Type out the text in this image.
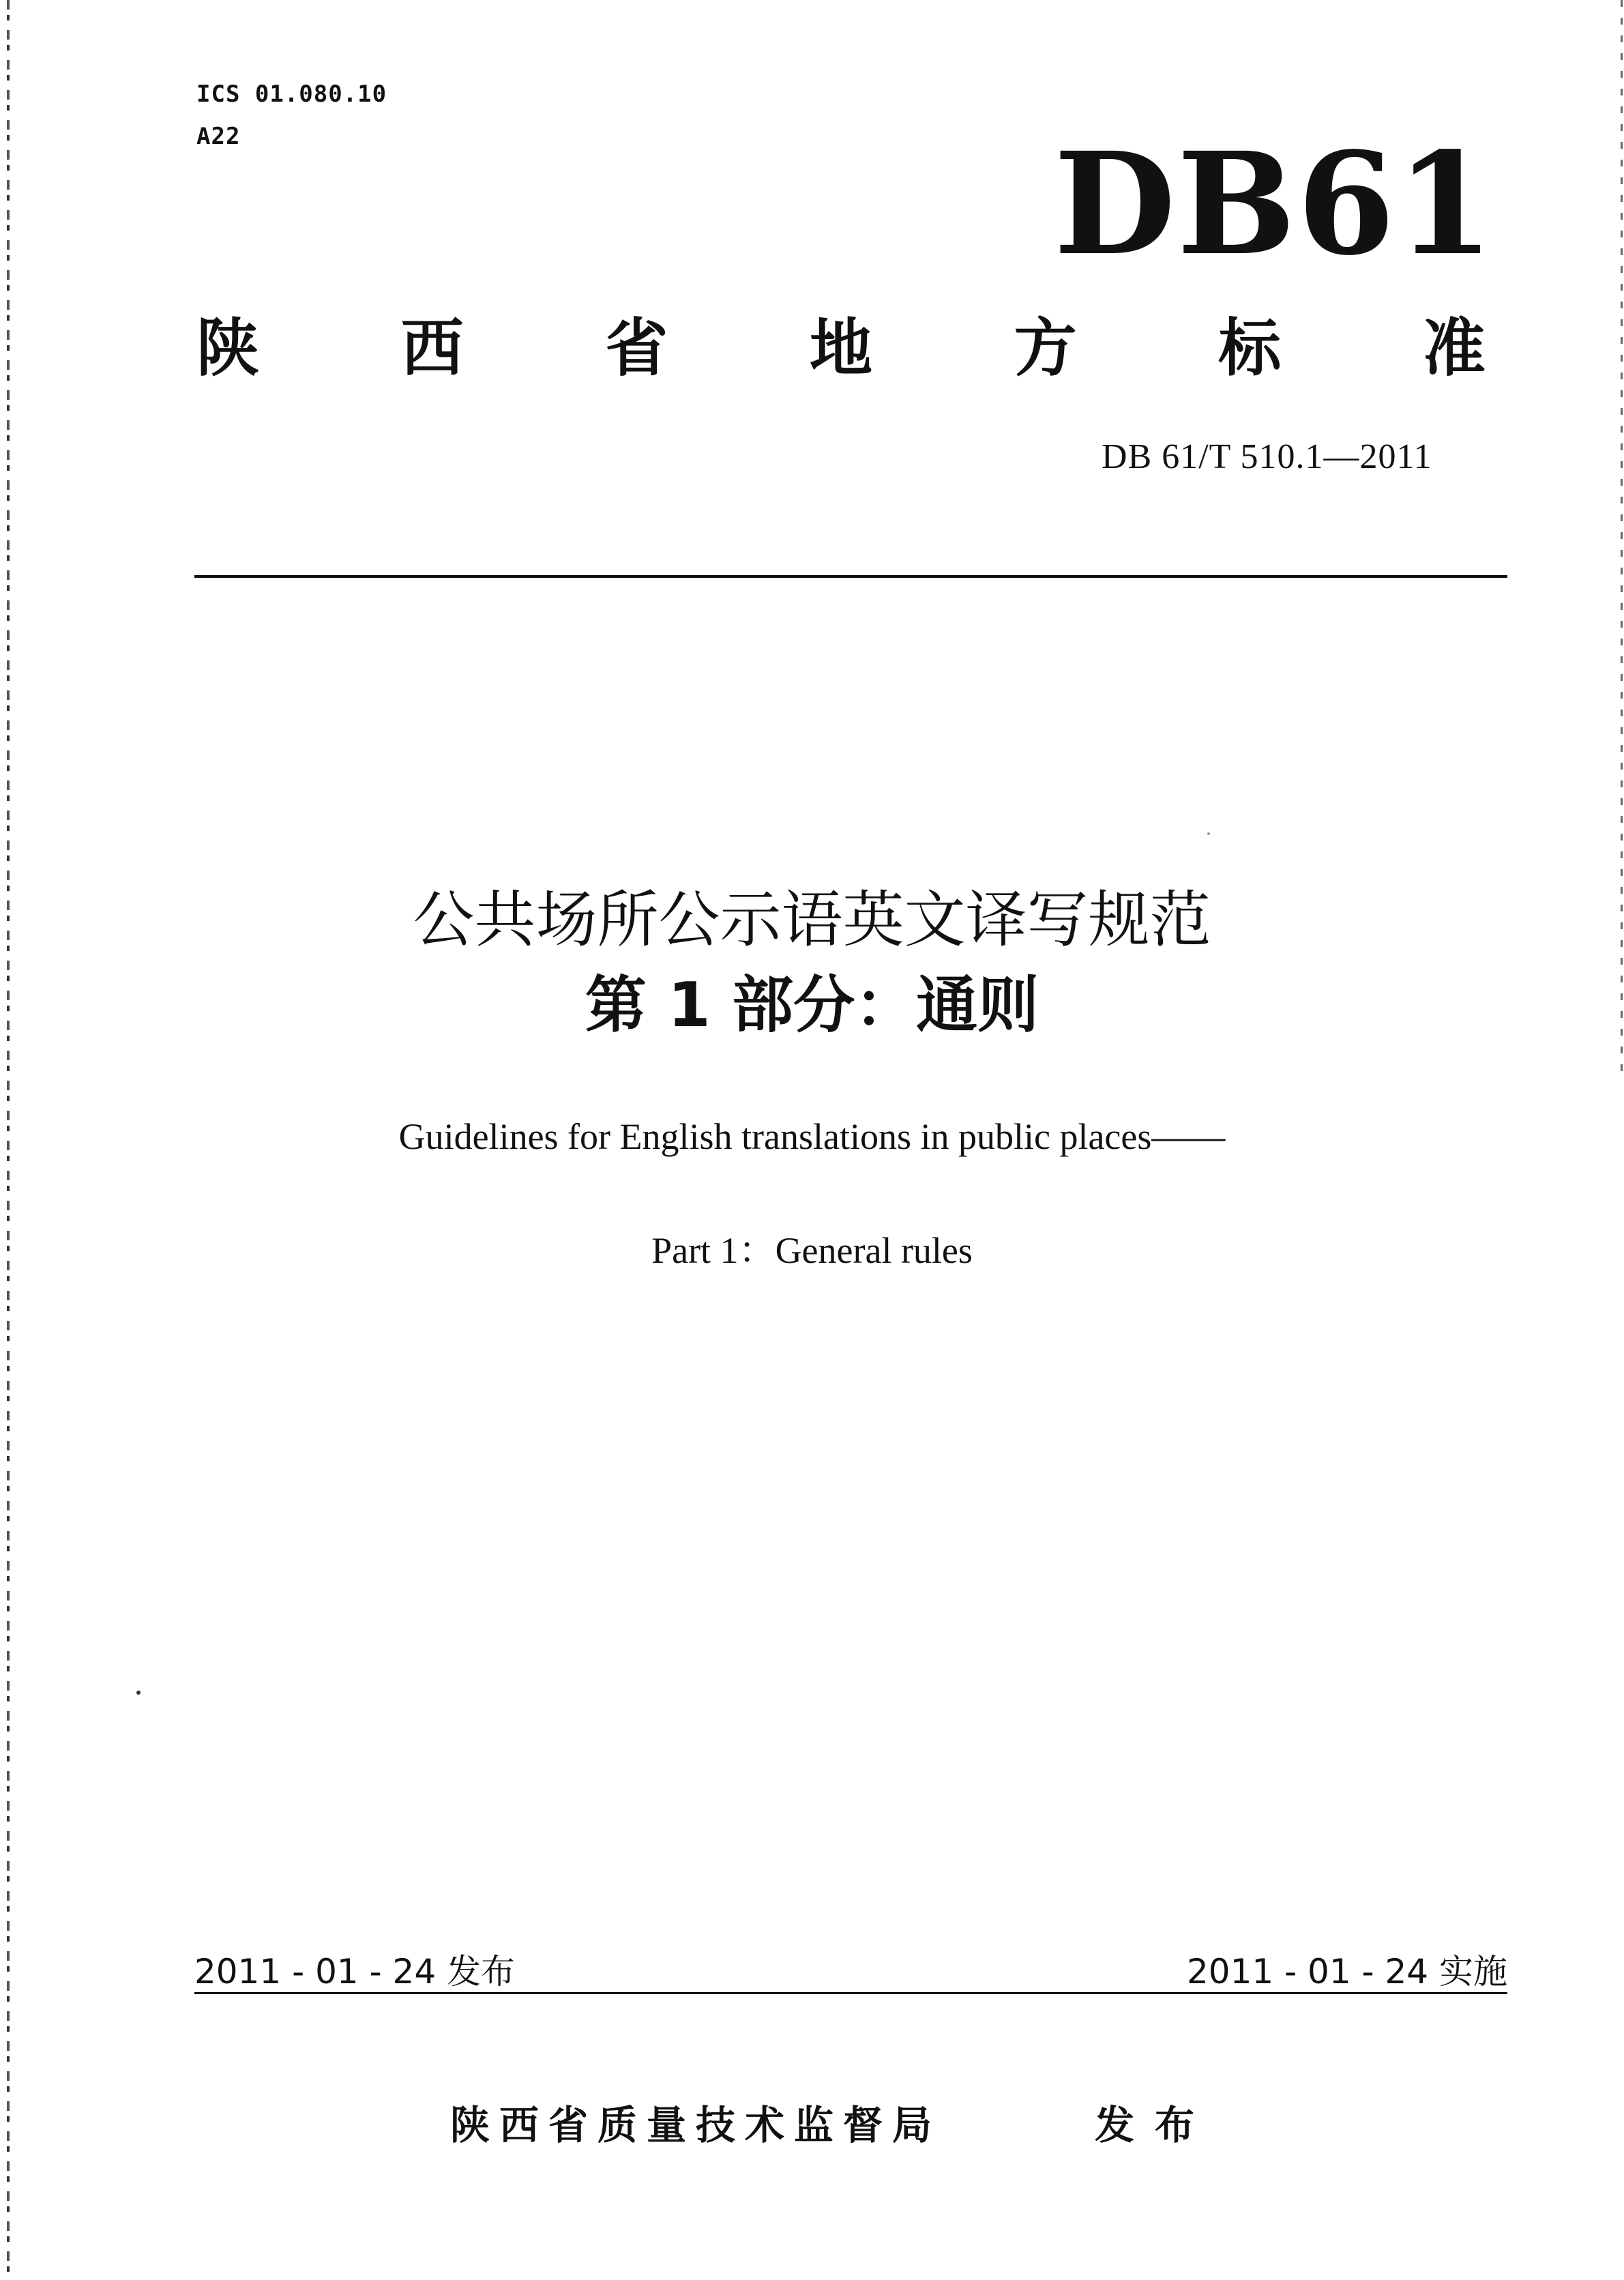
ICS 01.080.10
A22	DB61
陕 西 省 地 方 标 准
DB 61/T 510.1—2011
公共场所公示语英文译写规范
第 1 部分：通则
Guidelines for English translations in public places——
Part 1：General rules
2011 - 01 - 24 发布	2011 - 01 - 24 实施
陕西省质量技术监督局	发布
